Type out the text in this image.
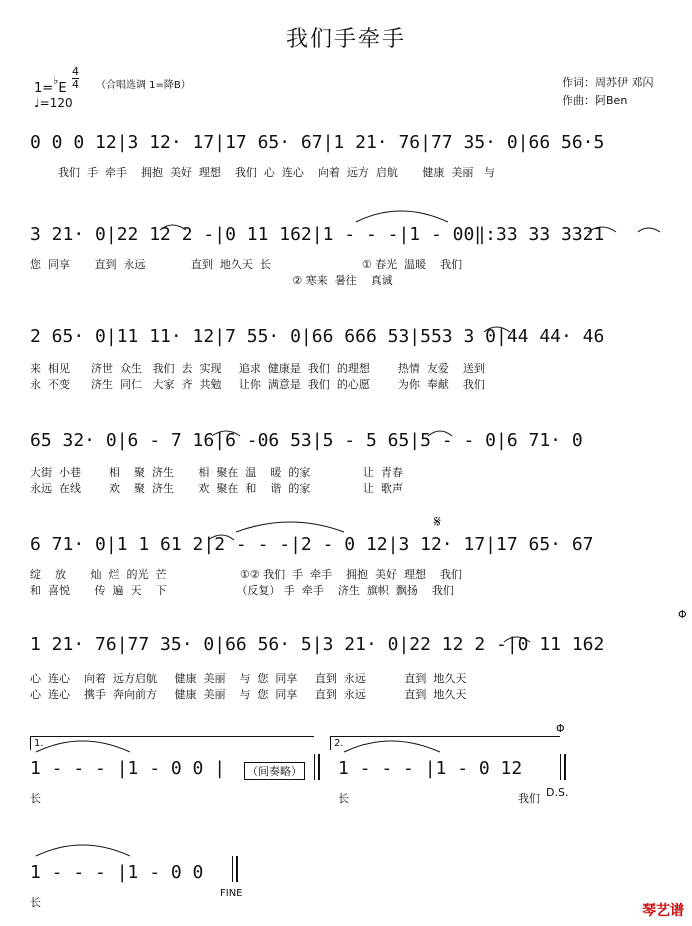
我们手牵手
1=♭E
4
4 （合唱选调 1=降B）
♩=120
作词：周苏伊 邓闪
作曲：阿Ben
0 0 0 12|3 12· 17|17 65· 67|1 21· 76|77 35· 0|66 56·5
我们  手  牵手    拥抱  美好  理想    我们  心  连心    向着  远方  启航       健康  美丽   与
3 21· 0|22 12 2 -|0 11 162|1 - - -|1 - 00‖:33 33 3321
您  同享       直到  永远             直到  地久天  长                          ① 春光  温暖    我们
② 寒来  暑往    真诚
2 65· 0|11 11· 12|7 55· 0|66 666 53|553 3 0|44 44· 46
来  相见      济世  众生   我们  去  实现     追求  健康是  我们  的理想        热情  友爱    送到
永  不变      济生  同仁   大家  齐  共勉     让你  满意是  我们  的心愿        为你  奉献    我们
65 32· 0|6 - 7 16|6 -06 53|5 - 5 65|5 - - 0|6 71· 0
大街  小巷        相    聚  济生       相  聚在  温    暖  的家               让  青春
永远  在线        欢    聚  济生       欢  聚在  和    谐  的家               让  歌声
𝄋
6 71· 0|1 1 61 2|2 - - -|2 - 0 12|3 12· 17|17 65· 67
绽    放       灿  烂  的光  芒                     ①② 我们  手  牵手    拥抱  美好  理想    我们
和  喜悦       传  遍  天    下                    （反复） 手  牵手    济生  旗帜  飘扬    我们
Φ
1 21· 76|77 35· 0|66 56· 5|3 21· 0|22 12 2 -|0 11 162
心  连心    向着  远方启航     健康  美丽    与  您  同享     直到  永远           直到  地久天
心  连心    携手  奔向前方     健康  美丽    与  您  同享     直到  永远           直到  地久天
1.
1 - - - |1 - 0 0 | （间奏略）
长
2.
Φ
1 - - - |1 - 0 12
长	我们 D.S.
1 - - - |1 - 0 0
长
FINE
琴艺谱
